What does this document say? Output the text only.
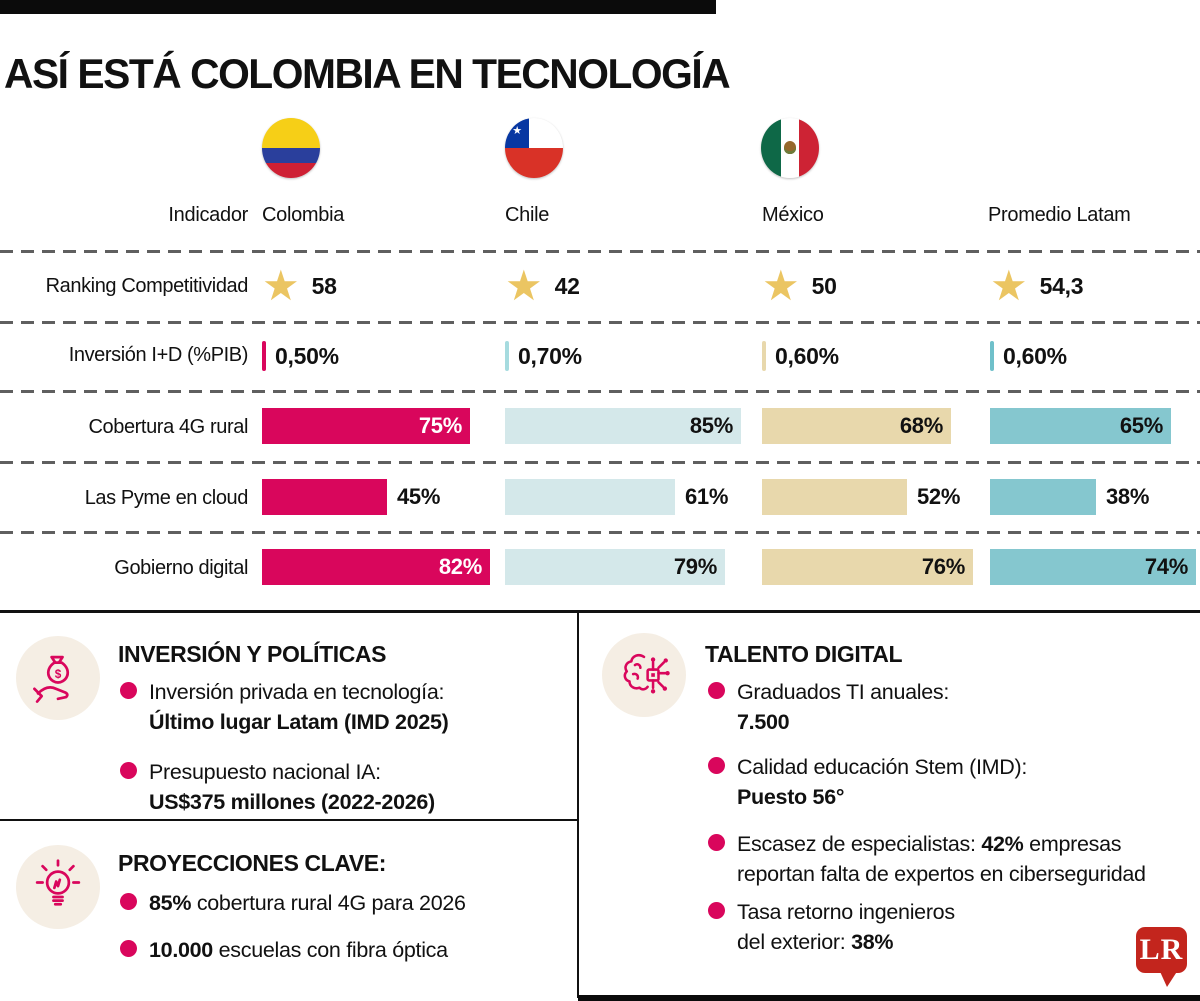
ASÍ ESTÁ COLOMBIA EN TECNOLOGÍA
★
Indicador Colombia	Chile	México	Promedio Latam
Ranking Competitividad ★ 58	★ 42	★ 50	★ 54,3
Inversión I+D (%PIB) 0,50%	0,70%	0,60%	0,60%
Cobertura 4G rural	75%	85%	68%	65%
Las Pyme en cloud	45%	61%	52%	38%
Gobierno digital	82%	79%	76%	74%
$
INVERSIÓN Y POLÍTICAS
Inversión privada en tecnología:
Último lugar Latam (IMD 2025)
Presupuesto nacional IA:
US$375 millones (2022-2026)
PROYECCIONES CLAVE:
85% cobertura rural 4G para 2026
10.000 escuelas con fibra óptica
TALENTO DIGITAL
Graduados TI anuales:
7.500
Calidad educación Stem (IMD):
Puesto 56°
Escasez de especialistas: 42% empresas
reportan falta de expertos en ciberseguridad
Tasa retorno ingenieros
del exterior: 38%	LR
